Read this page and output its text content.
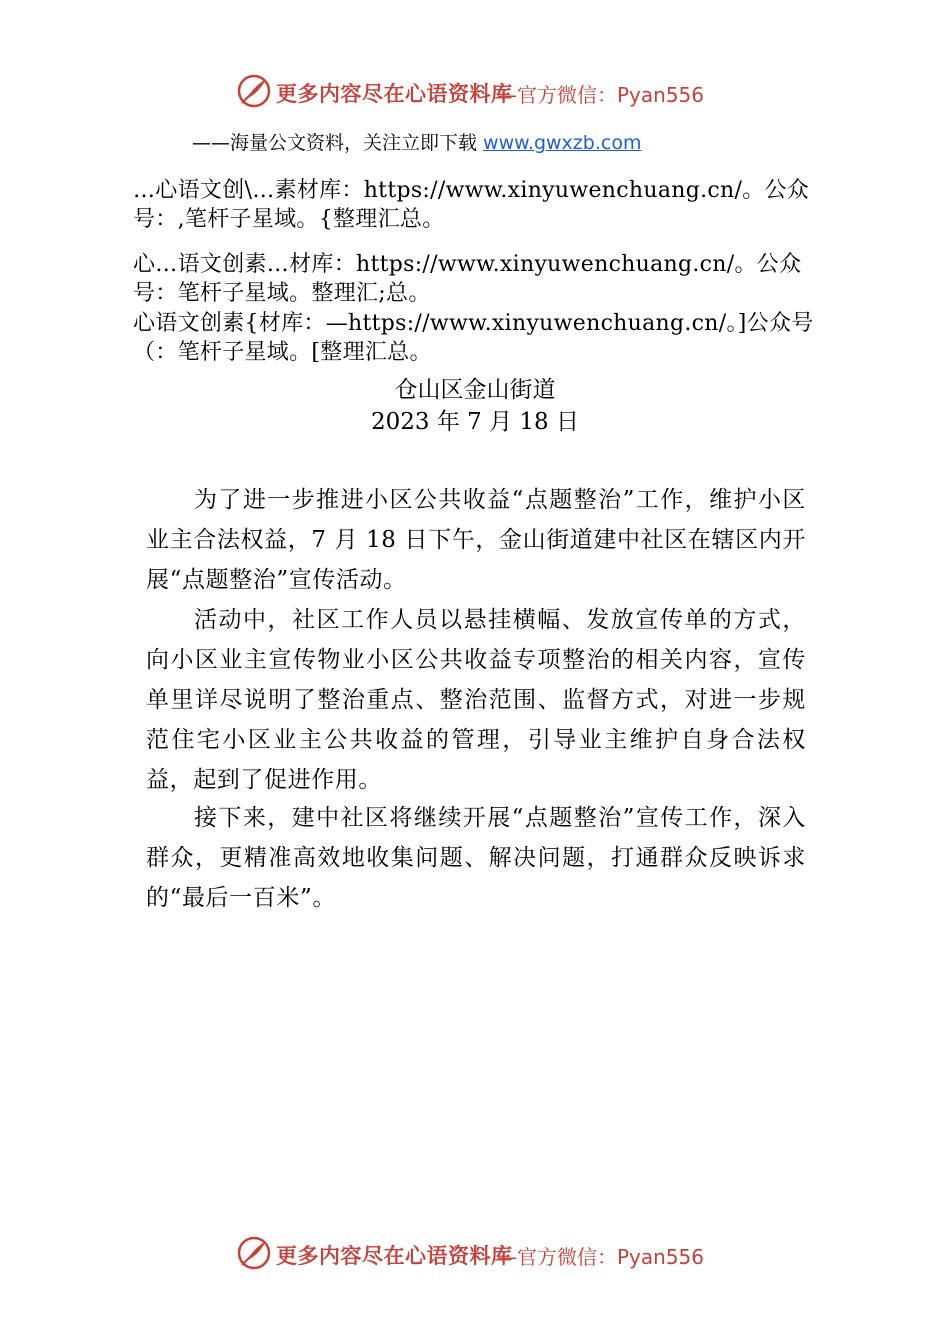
更多内容尽在心语资料库
—官方微信：Pyan556
——海量公文资料，关注立即下载 www.gwxzb.com
…心语文创\…素材库：https://www.xinyuwenchuang.cn/。公众号：,笔杆子星域。{整理汇总。
心…语文创素…材库：https://www.xinyuwenchuang.cn/。公众号：笔杆子星域。整理汇;总。
心语文创素{材库：—https://www.xinyuwenchuang.cn/。]公众号（：笔杆子星域。[整理汇总。
仓山区金山街道
2023 年 7 月 18 日
为了进一步推进小区公共收益“点题整治”工作，维护小区业主合法权益，7 月 18 日下午，金山街道建中社区在辖区内开展“点题整治”宣传活动。
活动中，社区工作人员以悬挂横幅、发放宣传单的方式，向小区业主宣传物业小区公共收益专项整治的相关内容，宣传单里详尽说明了整治重点、整治范围、监督方式，对进一步规范住宅小区业主公共收益的管理，引导业主维护自身合法权益，起到了促进作用。
接下来，建中社区将继续开展“点题整治”宣传工作，深入群众，更精准高效地收集问题、解决问题，打通群众反映诉求的“最后一百米”。
更多内容尽在心语资料库
—官方微信：Pyan556
